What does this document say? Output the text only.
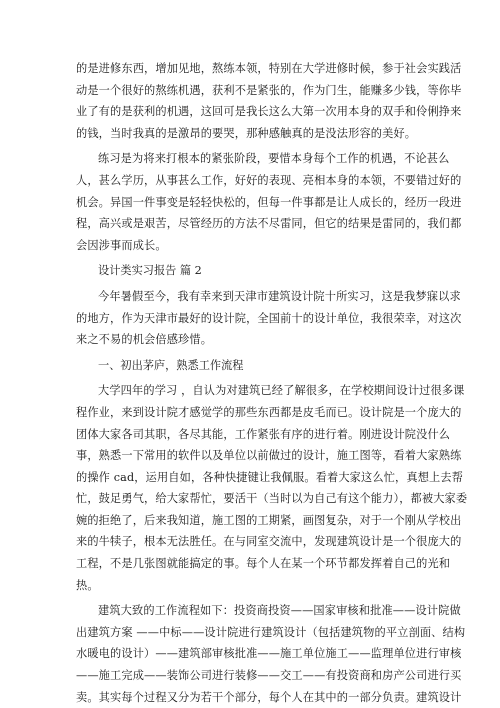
的是进修东西，增加见地，熬练本领，特别在大学进修时候，参于社会实践活
动是一个很好的熬练机遇，获利不是紧张的，作为门生，能赚多少钱，等你毕
业了有的是获利的机遇，这回可是我长这么大第一次用本身的双手和伶俐挣来
的钱，当时我真的是激昂的要哭，那种感触真的是没法形容的美好。

练习是为将来打根本的紧张阶段，要惜本身每个工作的机遇，不论甚么
人，甚么学历，从事甚么工作，好好的表现、亮相本身的本领，不要错过好的
机会。异国一件事变是轻轻快松的，但每一件事都是让人成长的，经历一段进
程，高兴或是艰苦，尽管经历的方法不尽雷同，但它的结果是雷同的，我们都
会因涉事而成长。

设计类实习报告 篇 2

今年暑假至今，我有幸来到天津市建筑设计院十所实习，这是我梦寐以求
的地方，作为天津市最好的设计院，全国前十的设计单位，我很荣幸，对这次
来之不易的机会倍感珍惜。

一、初出茅庐，熟悉工作流程

大学四年的学习 ，自认为对建筑已经了解很多，在学校期间设计过很多课
程作业，来到设计院才感觉学的那些东西都是皮毛而已。设计院是一个庞大的
团体大家各司其职，各尽其能，工作紧张有序的进行着。刚进设计院没什么
事，熟悉一下常用的软件以及单位以前做过的设计，施工图等，看着大家熟练
的操作 cad，运用自如，各种快捷键让我佩服。看着大家这么忙，真想上去帮
忙，鼓足勇气，给大家帮忙，要活干（当时以为自己有这个能力），都被大家委
婉的拒绝了，后来我知道，施工图的工期紧，画图复杂，对于一个刚从学校出
来的牛犊子，根本无法胜任。在与同室交流中，发现建筑设计是一个很庞大的
工程，不是几张图就能搞定的事。每个人在某一个环节都发挥着自己的光和
热。

建筑大致的工作流程如下：投资商投资——国家审核和批准——设计院做
出建筑方案 ——中标——设计院进行建筑设计（包括建筑物的平立剖面、结构
水暖电的设计）——建筑部审核批准——施工单位施工——监理单位进行审核
——施工完成——装饰公司进行装修——交工——有投资商和房产公司进行买
卖。其实每个过程又分为若干个部分，每个人在其中的一部分负责。建筑设计
